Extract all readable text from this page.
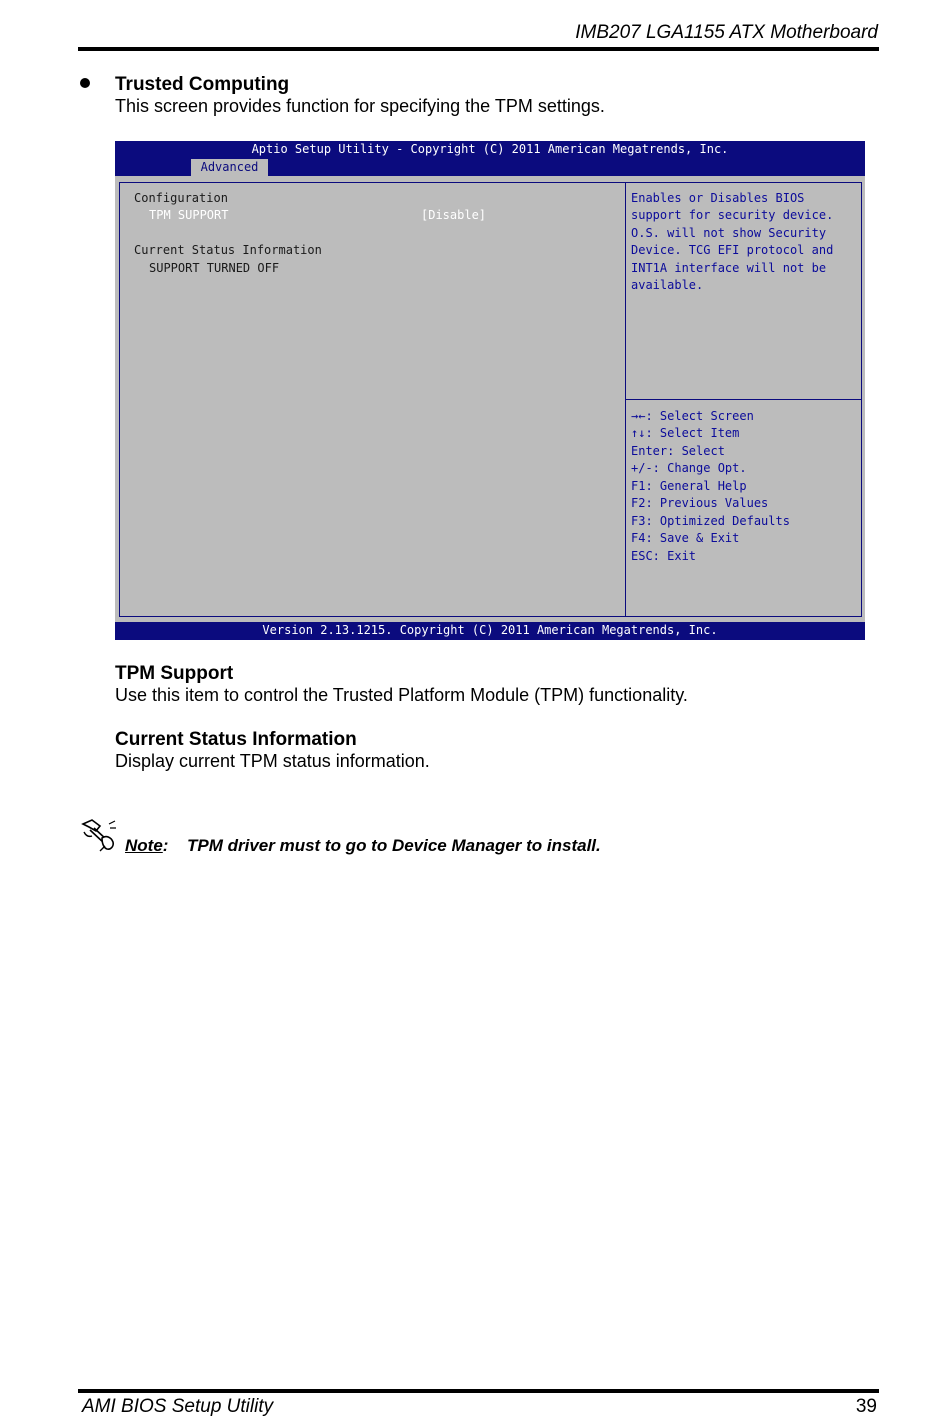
IMB207 LGA1155 ATX Motherboard
Trusted Computing
This screen provides function for specifying the TPM settings.
Aptio Setup Utility - Copyright (C) 2011 American Megatrends, Inc.
Advanced
Configuration
TPM SUPPORT	[Disable]
Current Status Information
SUPPORT TURNED OFF
Enables or Disables BIOS
support for security device.
O.S. will not show Security
Device. TCG EFI protocol and
INT1A interface will not be
available.
→←: Select Screen
↑↓: Select Item
Enter: Select
+/-: Change Opt.
F1: General Help
F2: Previous Values
F3: Optimized Defaults
F4: Save & Exit
ESC: Exit
Version 2.13.1215. Copyright (C) 2011 American Megatrends, Inc.
TPM Support
Use this item to control the Trusted Platform Module (TPM) functionality.
Current Status Information
Display current TPM status information.
Note: TPM driver must to go to Device Manager to install.
AMI BIOS Setup Utility	39
